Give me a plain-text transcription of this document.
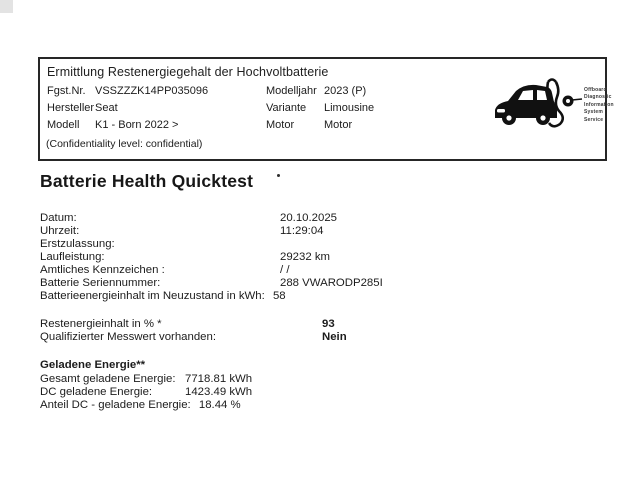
Ermittlung Restenergiegehalt der Hochvoltbatterie
Fgst.Nr. VSSZZZK14PP035096	Modelljahr 2023 (P)
Hersteller Seat	Variante Limousine
Modell K1 - Born 2022 >	Motor	Motor
(Confidentiality level: confidential)
Offboard
Diagnostic
Information
System
Service
Batterie Health Quicktest
Datum:	20.10.2025
Uhrzeit:	11:29:04
Erstzulassung:
Laufleistung:	29232 km
Amtliches Kennzeichen :	/ /
Batterie Seriennummer:	288 VWARODP285I
Batterieenergieinhalt im Neuzustand in kWh: 58
Restenergieinhalt in % *	93
Qualifizierter Messwert vorhanden:	Nein
Geladene Energie**
Gesamt geladene Energie: 7718.81 kWh
DC geladene Energie:	1423.49 kWh
Anteil DC - geladene Energie: 18.44 %
